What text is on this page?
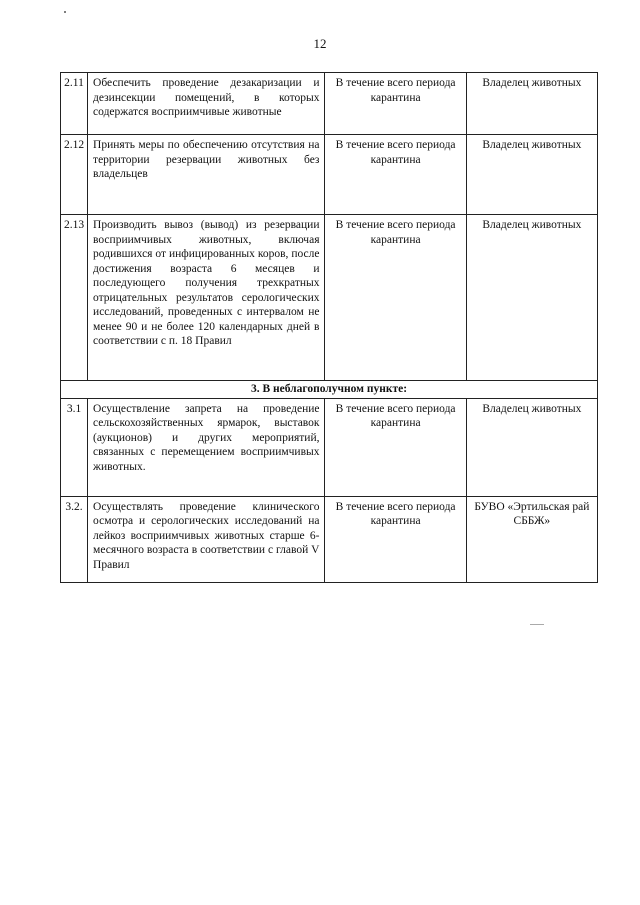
12
2.11	Обеспечить проведение дезакаризации и дезинсекции помещений, в которых содержатся восприимчивые животные	В течение всего периода карантина	Владелец животных
2.12	Принять меры по обеспечению отсутствия на территории резервации животных без владельцев	В течение всего периода карантина	Владелец животных
2.13	Производить вывоз (вывод) из резервации восприимчивых животных, включая родившихся от инфицированных коров, после достижения возраста 6 месяцев и последующего получения трехкратных отрицательных результатов серологических исследований, проведенных с интервалом не менее 90 и не более 120 календарных дней в соответствии с п. 18 Правил	В течение всего периода карантина	Владелец животных
3. В неблагополучном пункте:			
3.1	Осуществление запрета на проведение сельскохозяйственных ярмарок, выставок (аукционов) и других мероприятий, связанных с перемещением восприимчивых животных.	В течение всего периода карантина	Владелец животных
3.2.	Осуществлять проведение клинического осмотра и серологических исследований на лейкоз восприимчивых животных старше 6-месячного возраста в соответствии с главой V Правил	В течение всего периода карантина	БУВО «Эртильская рай СББЖ»
